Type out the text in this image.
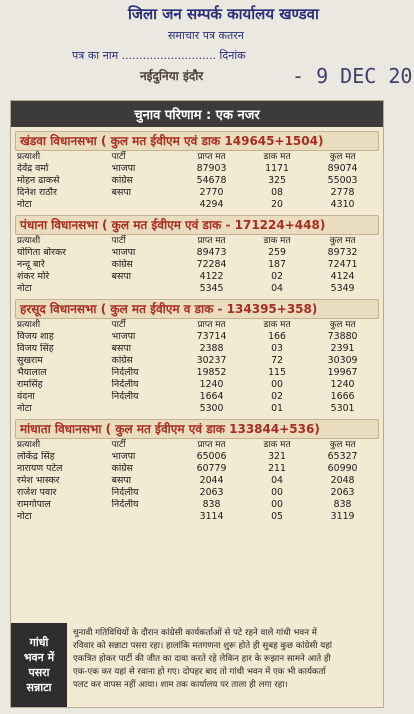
जिला जन सम्पर्क कार्यालय खण्डवा
समाचार पत्र कतरन
पत्र का नाम ........................... दिनांक
नईदुनिया इंदौर	- 9 DEC 20
चुनाव परिणाम : एक नजर
खंडवा विधानसभा ( कुल मत ईवीएम एवं डाक 149645+1504)
प्रत्याशी	पार्टी	प्राप्त मत	डाक मत	कुल मत
देवेंद्र वर्मा	भाजपा	87903	1171	89074
मोहन ढाकसे	कांग्रेस	54678	325	55003
दिनेश राठौर	बसपा	2770	08	2778
नोटा		4294	20	4310
पंधाना विधानसभा ( कुल मत ईवीएम एवं डाक - 171224+448)
प्रत्याशी	पार्टी	प्राप्त मत	डाक मत	कुल मत
योगिता बोरकर	भाजपा	89473	259	89732
नन्दू बारे	कांग्रेस	72284	187	72471
शंकर मोरे	बसपा	4122	02	4124
नोटा		5345	04	5349
हरसूद विधानसभा ( कुल मत ईवीएम व डाक - 134395+358)
प्रत्याशी	पार्टी	प्राप्त मत	डाक मत	कुल मत
विजय शाह	भाजपा	73714	166	73880
विजय सिंह	बसपा	2388	03	2391
सुखराम	कांग्रेस	30237	72	30309
भैयालाल	निर्दलीय	19852	115	19967
रामसिंह	निर्दलीय	1240	00	1240
वंदना	निर्दलीय	1664	02	1666
नोटा		5300	01	5301
मांधाता विधानसभा ( कुल मत ईवीएम एवं डाक 133844+536)
प्रत्याशी	पार्टी	प्राप्त मत	डाक मत	कुल मत
लोकेंद्र सिंह	भाजपा	65006	321	65327
नारायण पटेल	कांग्रेस	60779	211	60990
रमेश भास्कर	बसपा	2044	04	2048
राजेश पवार	निर्दलीय	2063	00	2063
रामगोपाल	निर्दलीय	838	00	838
नोटा		3114	05	3119
गांधी
भवन में
पसरा
सन्नाटा
चुनावी गतिविधियों के दौरान कांग्रेसी कार्यकर्ताओं से पटे रहने वाले गांधी भवन में
रविवार को सन्नाटा पसरा रहा। हालांकि मतगणना शुरू होते ही सुबह कुछ कांग्रेसी यहां
एकत्रित होकर पार्टी की जीत का दावा करते रहे लेकिन हार के रूझान सामने आते ही
एक-एक कर यहां से रवाना हो गए। दोपहर बाद तो गांधी भवन में एक भी कार्यकर्ता
पलट कर वापस नहीं आया। शाम तक कार्यालय पर ताला ही लगा रहा।
